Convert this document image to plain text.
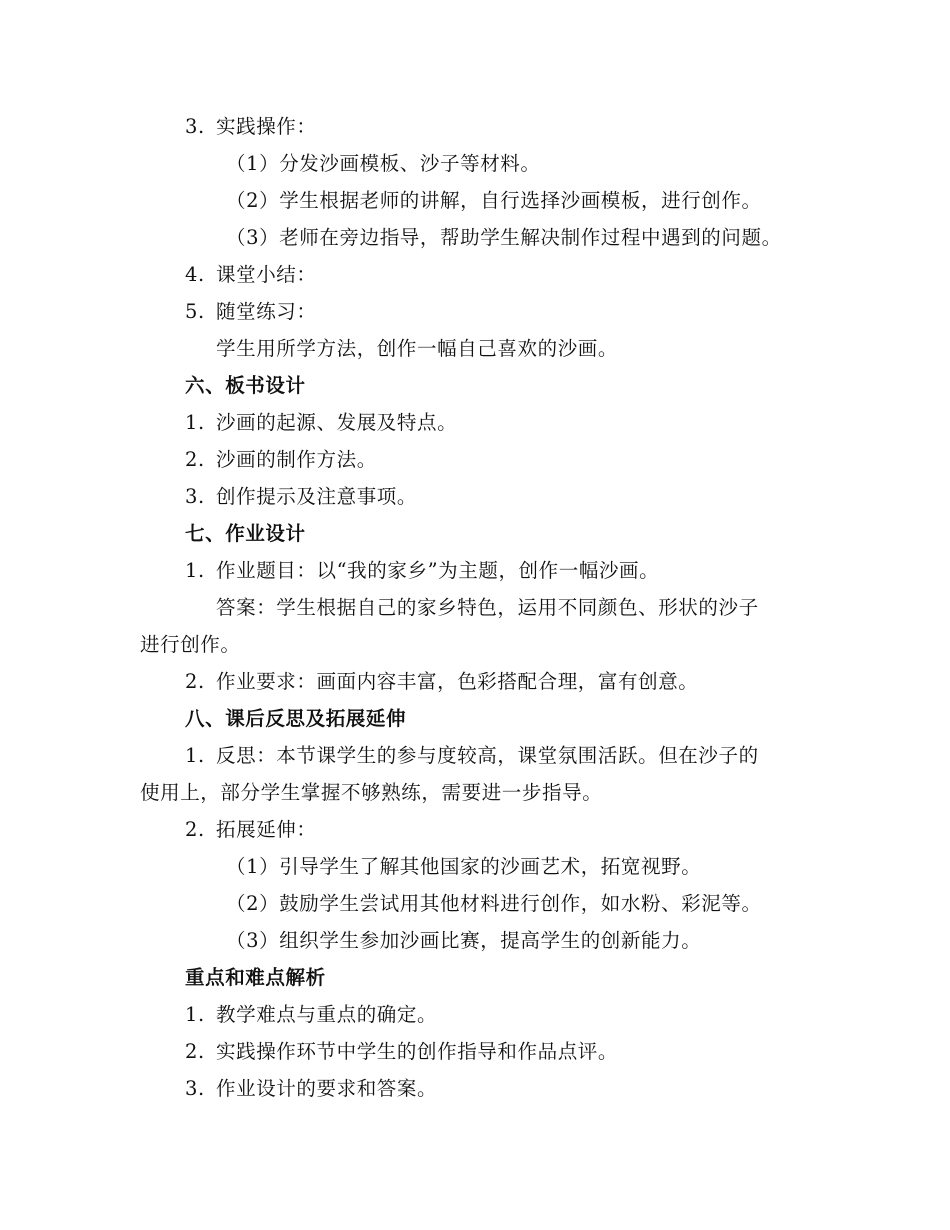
3. 实践操作：
（1）分发沙画模板、沙子等材料。
（2）学生根据老师的讲解，自行选择沙画模板，进行创作。
（3）老师在旁边指导，帮助学生解决制作过程中遇到的问题。
4. 课堂小结：
5. 随堂练习：
学生用所学方法，创作一幅自己喜欢的沙画。
六、板书设计
1. 沙画的起源、发展及特点。
2. 沙画的制作方法。
3. 创作提示及注意事项。
七、作业设计
1. 作业题目：以“我的家乡”为主题，创作一幅沙画。
答案：学生根据自己的家乡特色，运用不同颜色、形状的沙子
进行创作。
2. 作业要求：画面内容丰富，色彩搭配合理，富有创意。
八、课后反思及拓展延伸
1. 反思：本节课学生的参与度较高，课堂氛围活跃。但在沙子的
使用上，部分学生掌握不够熟练，需要进一步指导。
2. 拓展延伸：
（1）引导学生了解其他国家的沙画艺术，拓宽视野。
（2）鼓励学生尝试用其他材料进行创作，如水粉、彩泥等。
（3）组织学生参加沙画比赛，提高学生的创新能力。
重点和难点解析
1. 教学难点与重点的确定。
2. 实践操作环节中学生的创作指导和作品点评。
3. 作业设计的要求和答案。
